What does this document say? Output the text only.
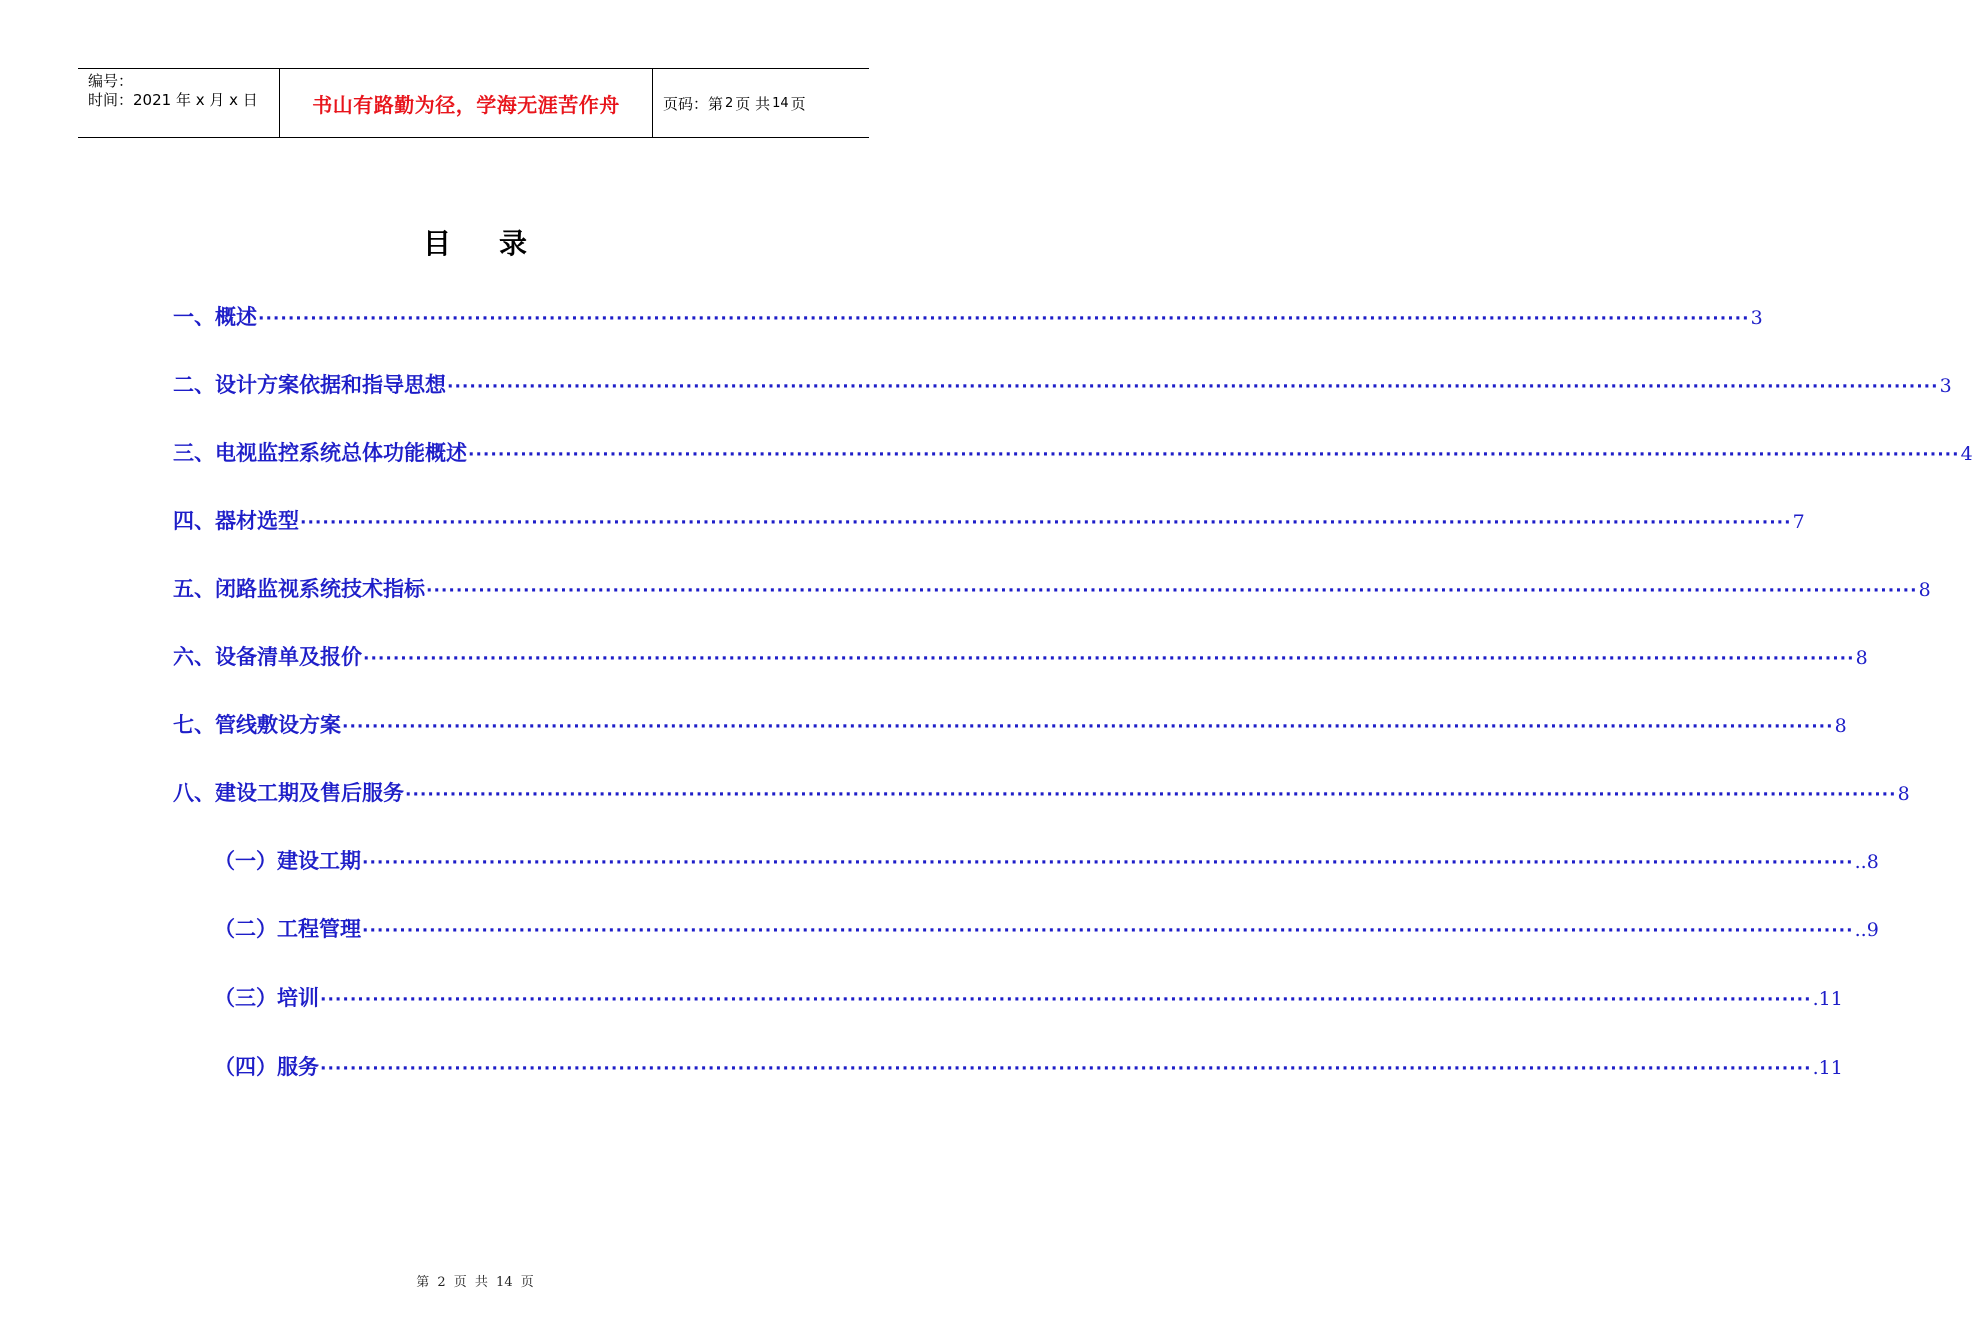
编号：
时间：2021 年 x 月 x 日	书山有路勤为径，学海无涯苦作舟	页码：第 2 页 共 14 页
目录
一、概述 ········································································································································································································ 3
二、设计方案依据和指导思想 ········································································································································································································ 3
三、电视监控系统总体功能概述 ········································································································································································································ 4
四、器材选型 ········································································································································································································ 7
五、闭路监视系统技术指标 ········································································································································································································ 8
六、设备清单及报价 ········································································································································································································ 8
七、管线敷设方案 ········································································································································································································ 8
八、建设工期及售后服务 ········································································································································································································ 8
（一）建设工期 ········································································································································································································ ..8
（二）工程管理 ········································································································································································································ ..9
（三）培训 ········································································································································································································ .11
（四）服务 ········································································································································································································ .11
第 2 页 共 14 页
